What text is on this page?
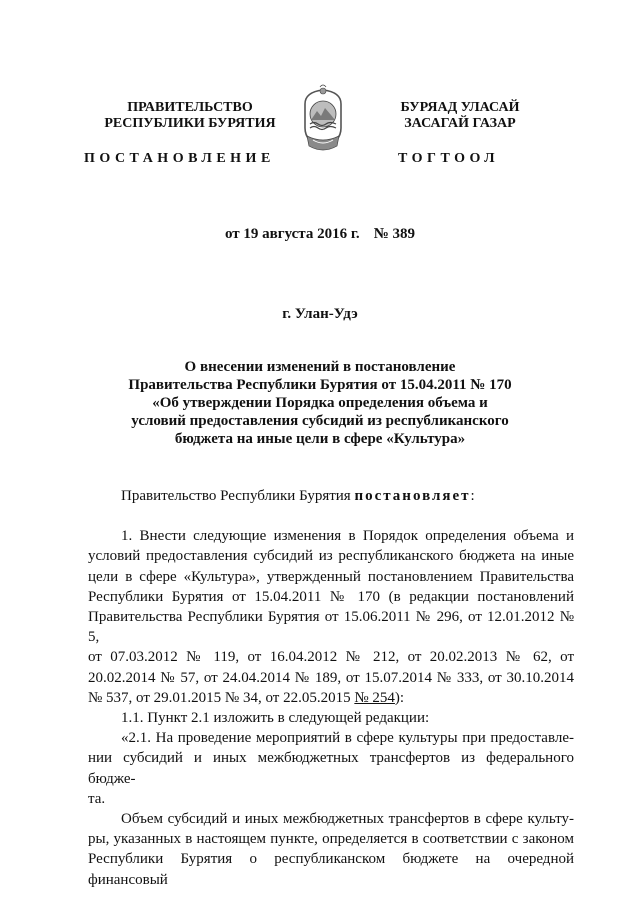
ПРАВИТЕЛЬСТВО
РЕСПУБЛИКИ БУРЯТИЯ
ПОСТАНОВЛЕНИЕ
БУРЯАД УЛАСАЙ
ЗАСАГАЙ ГАЗАР
ТОГТООЛ
от 19 августа 2016 г. № 389
г. Улан-Удэ
О внесении изменений в постановление
Правительства Республики Бурятия от 15.04.2011 № 170
«Об утверждении Порядка определения объема и
условий предоставления субсидий из республиканского
бюджета на иные цели в сфере «Культура»
Правительство Республики Бурятия постановляет:
1. Внести следующие изменения в Порядок определения объема и
условий предоставления субсидий из республиканского бюджета на иные
цели в сфере «Культура», утвержденный постановлением Правительства
Республики Бурятия от 15.04.2011 № 170 (в редакции постановлений
Правительства Республики Бурятия от 15.06.2011 № 296, от 12.01.2012 № 5,
от 07.03.2012 № 119, от 16.04.2012 № 212, от 20.02.2013 № 62, от
20.02.2014 № 57, от 24.04.2014 № 189, от 15.07.2014 № 333, от 30.10.2014
№ 537, от 29.01.2015 № 34, от 22.05.2015 № 254):
1.1. Пункт 2.1 изложить в следующей редакции:
«2.1. На проведение мероприятий в сфере культуры при предоставле-
нии субсидий и иных межбюджетных трансфертов из федерального бюдже-
та.
Объем субсидий и иных межбюджетных трансфертов в сфере культу-
ры, указанных в настоящем пункте, определяется в соответствии с законом
Республики Бурятия о республиканском бюджете на очередной финансовый
